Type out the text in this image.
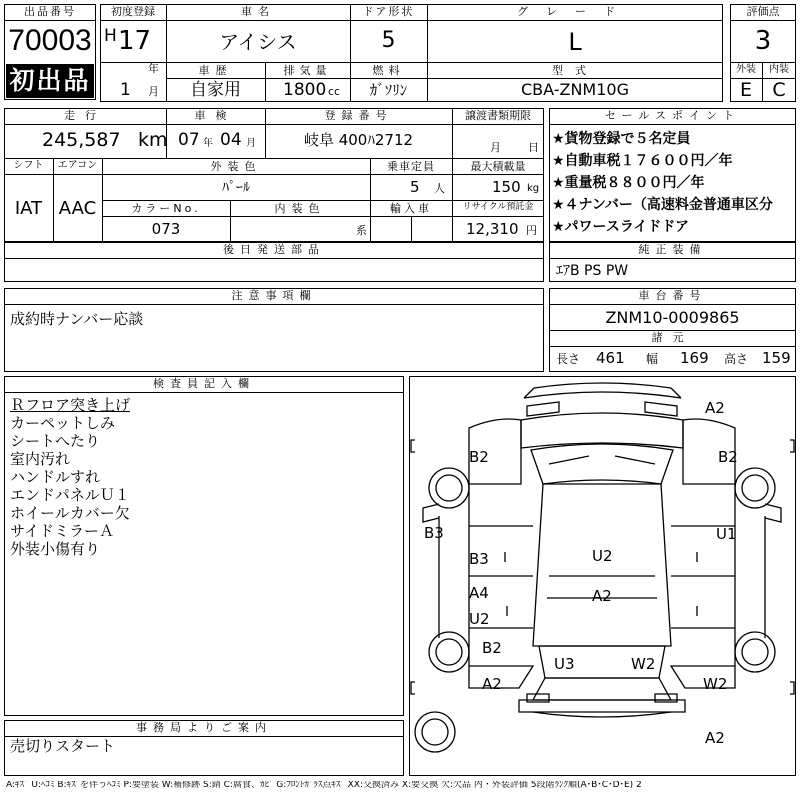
出品番号
70003
初出品
初度登録
H 17
年
1 月
車名
アイシス
ドア形状
5
グレード
L
車歴
自家用
排気量
1800 cc
燃料
ｶﾞｿﾘﾝ
型式
CBA-ZNM10G
評価点
3
外装	内装
E	C
走行
245,587 km
車検
07 年 04 月
登録番号
岐阜 400ﾊ2712
譲渡書類期限
月 日
シフト	エアコン
IAT AAC
外装色
ﾊﾟｰﾙ
乗車定員
5 人
最大積載量
150 kg
カラーNo.
073
内装色
系
輸入車	リサイクル預託金
12,310 円
セールスポイント
★貨物登録で５名定員
★自動車税１７６００円／年
★重量税８８００円／年
★４ナンバー（高速料金普通車区分
★パワースライドドア
後日発送部品	純正装備
ｴｱB PS PW
注意事項欄
成約時ナンバー応談
車台番号
ZNM10-0009865
諸元
長さ 461 幅 169 高さ 159
検査員記入欄
Ｒフロア突き上げ
カーペットしみ
シートへたり
室内汚れ
ハンドルすれ
エンドパネルＵ１
ホイールカバー欠
サイドミラーＡ
外装小傷有り
事務局よりご案内
売切りスタート
A2
B2	B2
B3
B3	U2
U1
A2
A4
U2
B2
U3	W2
A2	W2
A2
A:ｷｽﾞ U:ﾍｺﾐ B:ｷｽﾞを伴うﾍｺﾐ P:要塗装 W:補修跡 S:錆 C:腐食、ｶﾋﾞ G:ﾌﾛﾝﾄｶﾞﾗｽ点ｷｽﾞ XX:交換済み X:要交換 欠:欠品 内・外装評価 5段階ﾗﾝｸ順(A･B･C･D･E) 2
